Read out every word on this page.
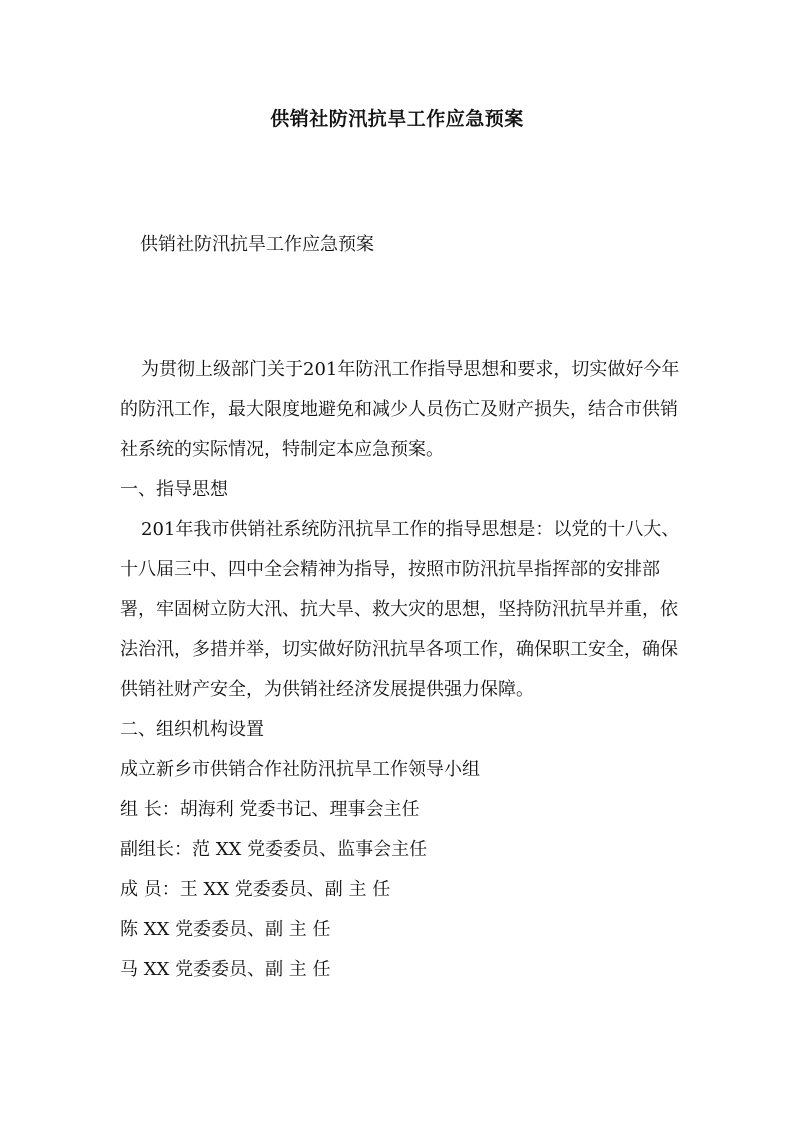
供销社防汛抗旱工作应急预案

供销社防汛抗旱工作应急预案

为贯彻上级部门关于201年防汛工作指导思想和要求，切实做好今年的防汛工作，最大限度地避免和减少人员伤亡及财产损失，结合市供销社系统的实际情况，特制定本应急预案。

一、指导思想

201年我市供销社系统防汛抗旱工作的指导思想是：以党的十八大、十八届三中、四中全会精神为指导，按照市防汛抗旱指挥部的安排部署，牢固树立防大汛、抗大旱、救大灾的思想，坚持防汛抗旱并重，依法治汛，多措并举，切实做好防汛抗旱各项工作，确保职工安全，确保供销社财产安全，为供销社经济发展提供强力保障。

二、组织机构设置

成立新乡市供销合作社防汛抗旱工作领导小组

组 长：胡海利 党委书记、理事会主任

副组长：范 XX 党委委员、监事会主任

成 员：王 XX 党委委员、副 主 任

陈 XX 党委委员、副 主 任

马 XX 党委委员、副 主 任
